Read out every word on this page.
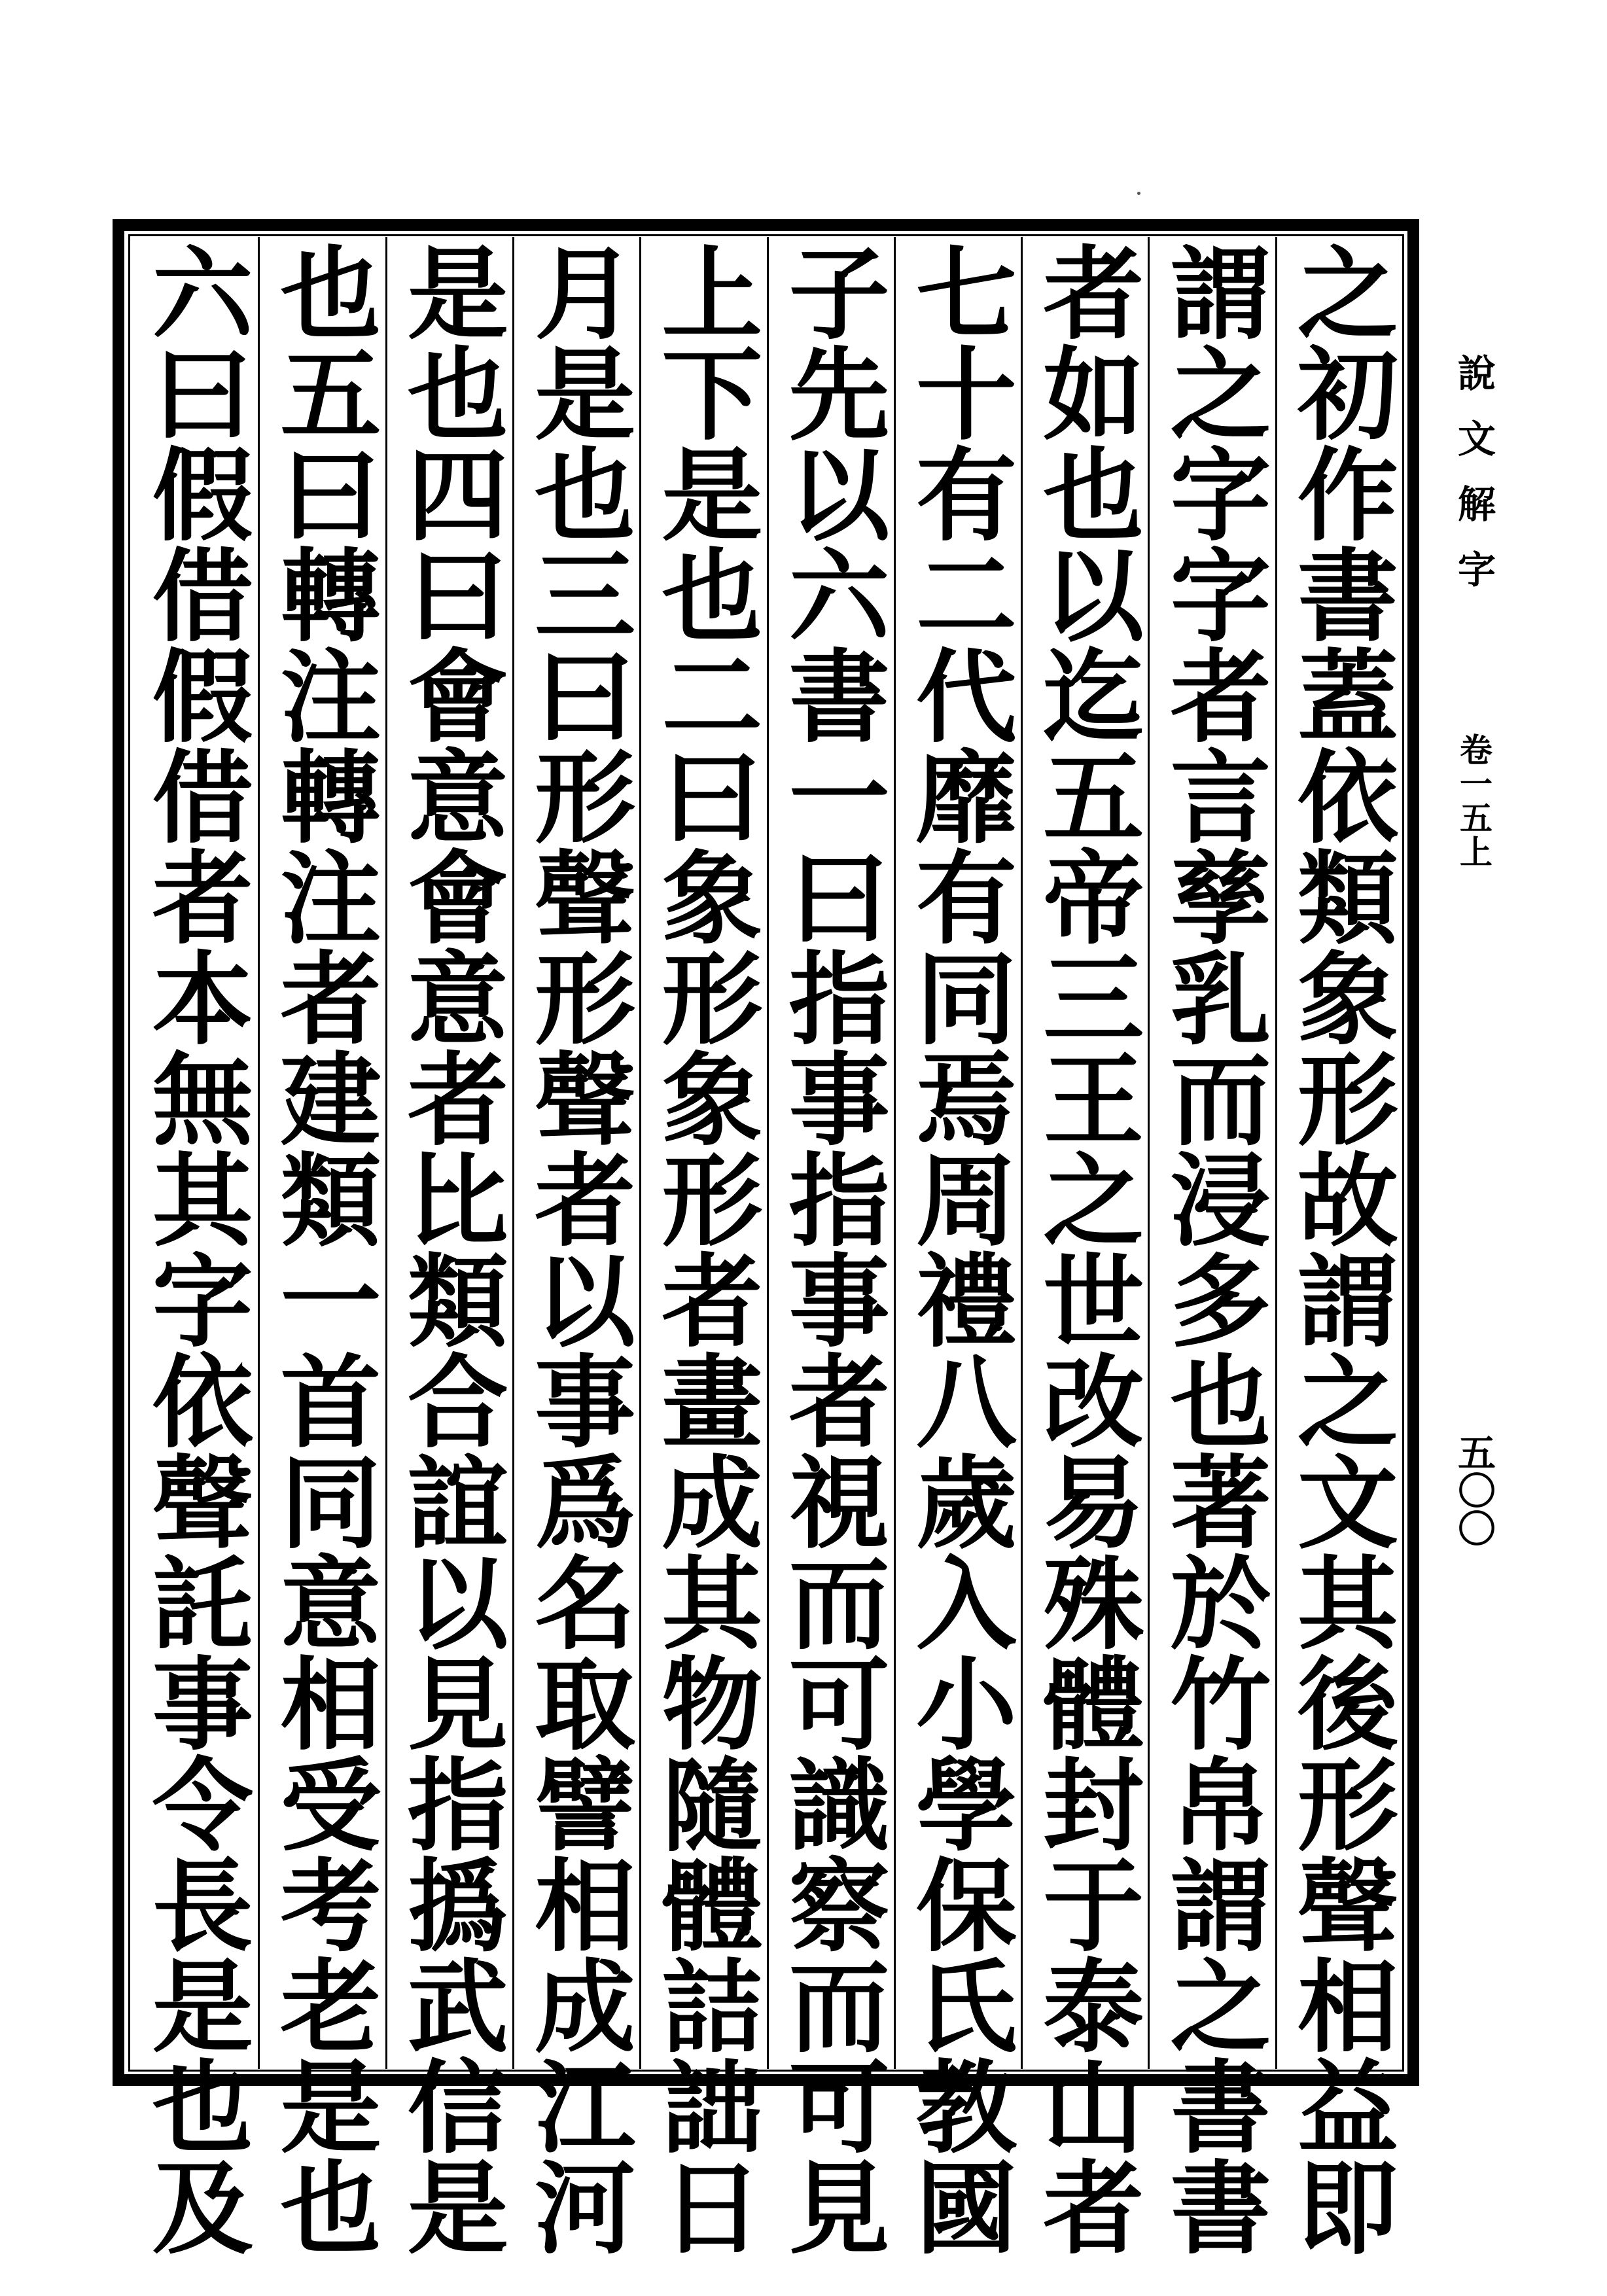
之初作書蓋依類象形故謂之文其後形聲相益即
謂之字字者言孳乳而浸多也著於竹帛謂之書書
者如也以迄五帝三王之世改易殊體封于泰山者
七十有二代靡有同焉周禮八歲入小學保氏教國
子先以六書一曰指事指事者視而可識察而可見
上下是也二曰象形象形者畫成其物隨體詰詘日
月是也三曰形聲形聲者以事爲名取譬相成江河
是也四曰會意會意者比類合誼以見指撝武信是
也五曰轉注轉注者建類一首同意相受考老是也
六曰假借假借者本無其字依聲託事令長是也及	說文解字
卷一五上
五〇〇
